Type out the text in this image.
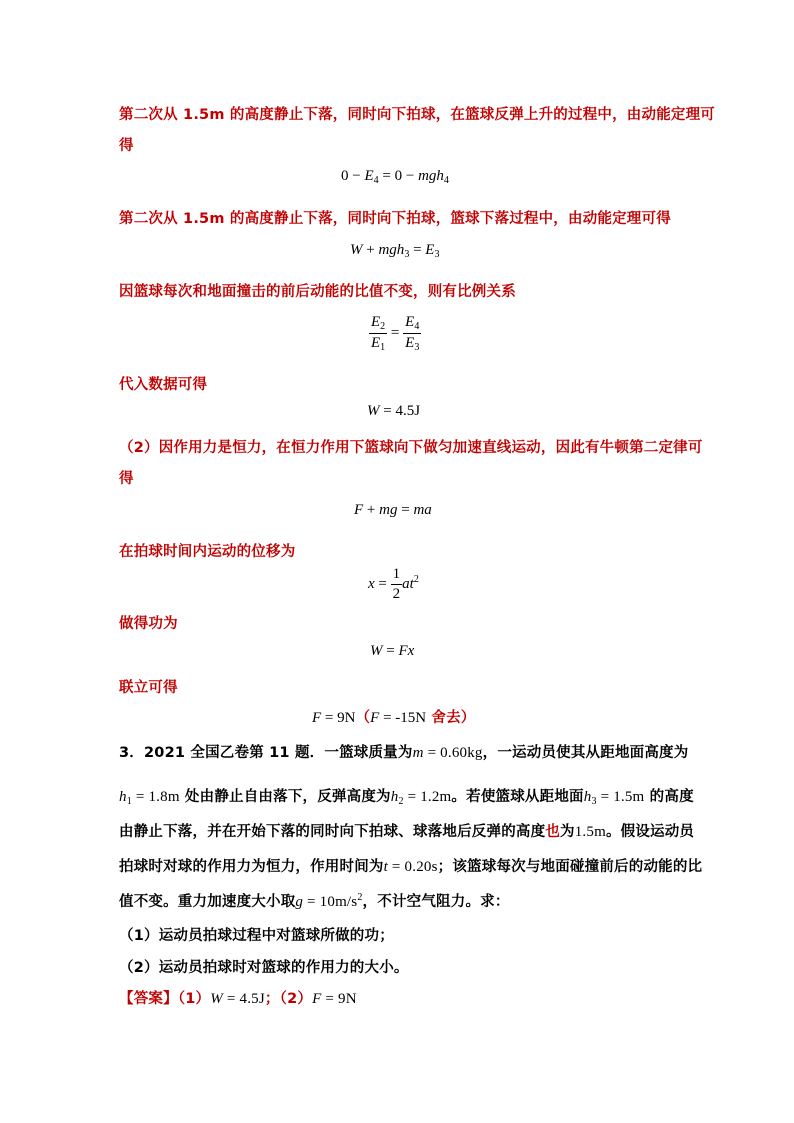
第二次从 1.5m 的高度静止下落，同时向下拍球，在篮球反弹上升的过程中，由动能定理可
得
$0 - E_4 = 0 - mgh_4$
第二次从 1.5m 的高度静止下落，同时向下拍球，篮球下落过程中，由动能定理可得
$W + mgh_3 = E_3$
因篮球每次和地面撞击的前后动能的比值不变，则有比例关系
$\frac{E_2}{E_1} = \frac{E_4}{E_3}$
代入数据可得
W = 4.5J
（2）因作用力是恒力，在恒力作用下篮球向下做匀加速直线运动，因此有牛顿第二定律可
得
F + mg = ma
在拍球时间内运动的位移为
$x = \frac{1}{2} at^2$
做得功为
W = Fx
联立可得
F = 9N（F = -15N 舍去）
3．2021 全国乙卷第 11 题．一篮球质量为m = 0.60kg，一运动员使其从距地面高度为
$h_1 = 1.8m$ 处由静止自由落下，反弹高度为$h_2 = 1.2m$。若使篮球从距地面$h_3 = 1.5m$ 的高度
由静止下落，并在开始下落的同时向下拍球、球落地后反弹的高度也为1.5m。假设运动员
拍球时对球的作用力为恒力，作用时间为t = 0.20s；该篮球每次与地面碰撞前后的动能的比
值不变。重力加速度大小取$g = 10m/s^2$，不计空气阻力。求：
（1）运动员拍球过程中对篮球所做的功；
（2）运动员拍球时对篮球的作用力的大小。
【答案】（1）W = 4.5J；（2）F = 9N
